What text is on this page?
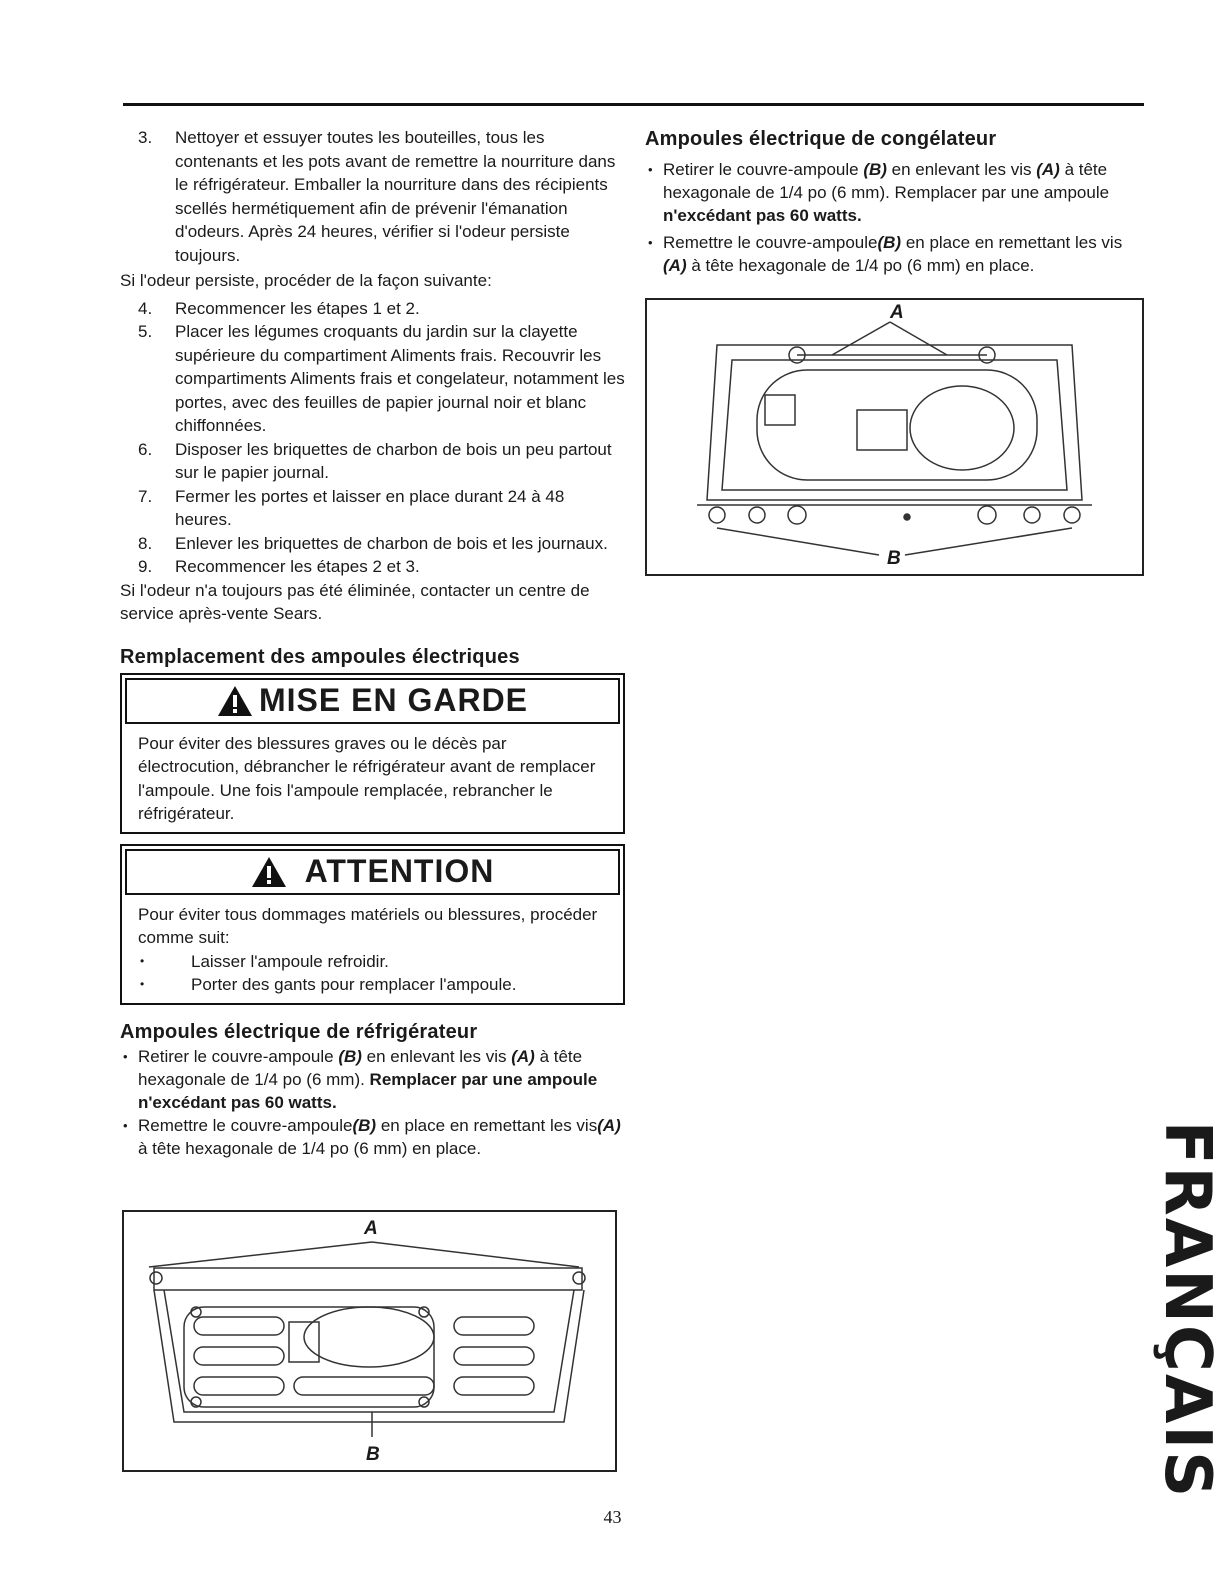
3. Nettoyer et essuyer toutes les bouteilles, tous les contenants et les pots avant de remettre la nourriture dans le réfrigérateur. Emballer la nourriture dans des récipients scellés hermétiquement afin de prévenir l'émanation d'odeurs. Après 24 heures, vérifier si l'odeur persiste toujours.

Si l'odeur persiste, procéder de la façon suivante:

4. Recommencer les étapes 1 et 2.
5. Placer les légumes croquants du jardin sur la clayette supérieure du compartiment Aliments frais. Recouvrir les compartiments Aliments frais et congelateur, notamment les portes, avec des feuilles de papier journal noir et blanc chiffonnées.
6. Disposer les briquettes de charbon de bois un peu partout sur le papier journal.
7. Fermer les portes et laisser en place durant 24 à 48 heures.
8. Enlever les briquettes de charbon de bois et les journaux.
9. Recommencer les étapes 2 et 3.

Si l'odeur n'a toujours pas été éliminée, contacter un centre de service après-vente Sears.

Remplacement des ampoules électriques
MISE EN GARDE
Pour éviter des blessures graves ou le décès par électrocution, débrancher le réfrigérateur avant de remplacer l'ampoule. Une fois l'ampoule remplacée, rebrancher le réfrigérateur.
ATTENTION
Pour éviter tous dommages matériels ou blessures, procéder comme suit:
• Laisser l'ampoule refroidir.
• Porter des gants pour remplacer l'ampoule.
Ampoules électrique de réfrigérateur
• Retirer le couvre-ampoule (B) en enlevant les vis (A) à tête hexagonale de 1/4 po (6 mm). Remplacer par une ampoule n'excédant pas 60 watts.
• Remettre le couvre-ampoule(B) en place en remettant les vis(A) à tête hexagonale de 1/4 po (6 mm) en place.
A
B
Ampoules électrique de congélateur
• Retirer le couvre-ampoule (B) en enlevant les vis (A) à tête hexagonale de 1/4 po (6 mm). Remplacer par une ampoule n'excédant pas 60 watts.
• Remettre le couvre-ampoule(B) en place en remettant les vis (A) à tête hexagonale de 1/4 po (6 mm) en place.
A
B
FRANÇAIS
43
